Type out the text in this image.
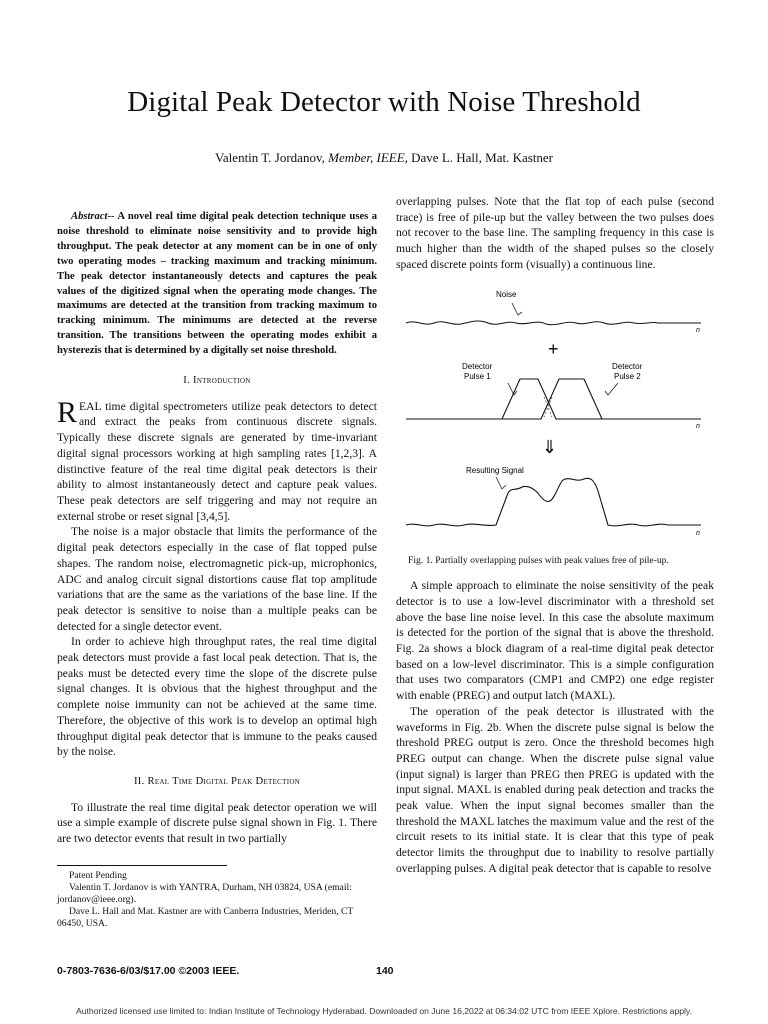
Digital Peak Detector with Noise Threshold
Valentin T. Jordanov, Member, IEEE, Dave L. Hall, Mat. Kastner

Abstract-- A novel real time digital peak detection technique uses a noise threshold to eliminate noise sensitivity and to provide high throughput. The peak detector at any moment can be in one of only two operating modes – tracking maximum and tracking minimum. The peak detector instantaneously detects and captures the peak values of the digitized signal when the operating mode changes. The maximums are detected at the transition from tracking maximum to tracking minimum. The minimums are detected at the reverse transition. The transitions between the operating modes exhibit a hysterezis that is determined by a digitally set noise threshold.

I. Introduction

REAL time digital spectrometers utilize peak detectors to detect and extract the peaks from continuous discrete signals. Typically these discrete signals are generated by time-invariant digital signal processors working at high sampling rates [1,2,3]. A distinctive feature of the real time digital peak detectors is their ability to almost instantaneously detect and capture peak values. These peak detectors are self triggering and may not require an external strobe or reset signal [3,4,5].

The noise is a major obstacle that limits the performance of the digital peak detectors especially in the case of flat topped pulse shapes. The random noise, electromagnetic pick-up, microphonics, ADC and analog circuit signal distortions cause flat top amplitude variations that are the same as the variations of the base line. If the peak detector is sensitive to noise than a multiple peaks can be detected for a single detector event.

In order to achieve high throughput rates, the real time digital peak detectors must provide a fast local peak detection. That is, the peaks must be detected every time the slope of the discrete pulse signal changes. It is obvious that the highest throughput and the complete noise immunity can not be achieved at the same time. Therefore, the objective of this work is to develop an optimal high throughput digital peak detector that is immune to the peaks caused by the noise.

II. Real Time Digital Peak Detection

To illustrate the real time digital peak detector operation we will use a simple example of discrete pulse signal shown in Fig. 1. There are two detector events that result in two partially

Patent Pending
Valentin T. Jordanov is with YANTRA, Durham, NH 03824, USA (email: jordanov@ieee.org).
Dave L. Hall and Mat. Kastner are with Canberra Industries, Meriden, CT 06450, USA.

overlapping pulses. Note that the flat top of each pulse (second trace) is free of pile-up but the valley between the two pulses does not recover to the base line. The sampling frequency in this case is much higher than the width of the shaped pulses so the closely spaced discrete points form (visually) a continuous line.

Noise
n
+
Detector
Pulse 1
Detector
Pulse 2
n
⇓
Resulting Signal
n
Fig. 1. Partially overlapping pulses with peak values free of pile-up.

A simple approach to eliminate the noise sensitivity of the peak detector is to use a low-level discriminator with a threshold set above the base line noise level. In this case the absolute maximum is detected for the portion of the signal that is above the threshold. Fig. 2a shows a block diagram of a real-time digital peak detector based on a low-level discriminator. This is a simple configuration that uses two comparators (CMP1 and CMP2) one edge register with enable (PREG) and output latch (MAXL).

The operation of the peak detector is illustrated with the waveforms in Fig. 2b. When the discrete pulse signal is below the threshold PREG output is zero. Once the threshold becomes high PREG output can change. When the discrete pulse signal value (input signal) is larger than PREG then PREG is updated with the input signal. MAXL is enabled during peak detection and tracks the peak value. When the input signal becomes smaller than the threshold the MAXL latches the maximum value and the rest of the circuit resets to its initial state. It is clear that this type of peak detector limits the throughput due to inability to resolve partially overlapping pulses. A digital peak detector that is capable to resolve

0-7803-7636-6/03/$17.00 ©2003 IEEE.	140
Authorized licensed use limited to: Indian Institute of Technology Hyderabad. Downloaded on June 16,2022 at 06:34:02 UTC from IEEE Xplore. Restrictions apply.
